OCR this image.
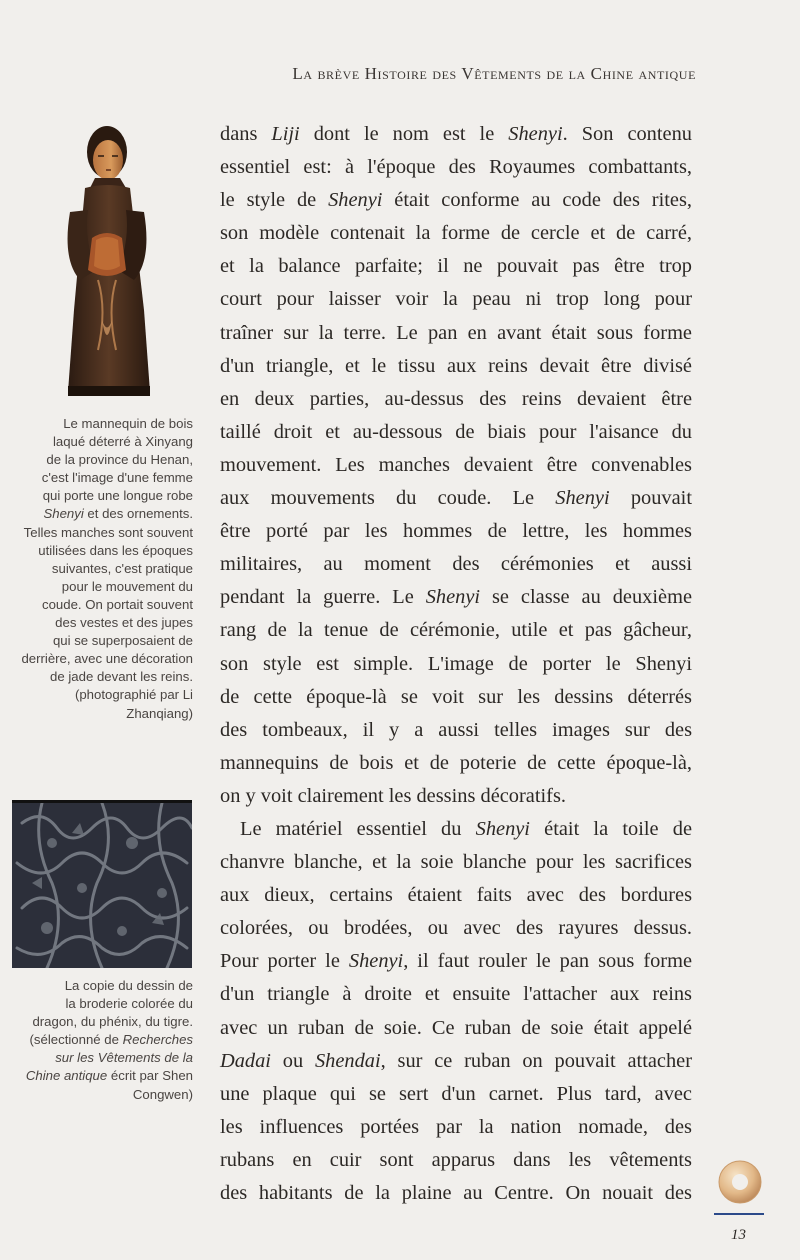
La brève Histoire des Vêtements de la Chine antique

Le mannequin de bois

laqué déterré à Xinyang

de la province du Henan,

c'est l'image d'une femme

qui porte une longue robe

Shenyi et des ornements.

Telles manches sont souvent

utilisées dans les époques

suivantes, c'est pratique

pour le mouvement du

coude. On portait souvent

des vestes et des jupes

qui se superposaient de

derrière, avec une décoration

de jade devant les reins.

(photographié par Li

Zhanqiang)

La copie du dessin de

la broderie colorée du

dragon, du phénix, du tigre.

(sélectionné de Recherches

sur les Vêtements de la

Chine antique écrit par Shen

Congwen)

dans Liji dont le nom est le Shenyi. Son contenu
essentiel est: à l'époque des Royaumes combattants,
le style de Shenyi était conforme au code des rites,
son modèle contenait la forme de cercle et de carré,
et la balance parfaite; il ne pouvait pas être trop
court pour laisser voir la peau ni trop long pour
traîner sur la terre. Le pan en avant était sous forme
d'un triangle, et le tissu aux reins devait être divisé
en deux parties, au-dessus des reins devaient être
taillé droit et au-dessous de biais pour l'aisance du
mouvement. Les manches devaient être convenables
aux mouvements du coude. Le Shenyi pouvait
être porté par les hommes de lettre, les hommes
militaires, au moment des cérémonies et aussi
pendant la guerre. Le Shenyi se classe au deuxième
rang de la tenue de cérémonie, utile et pas gâcheur,
son style est simple. L'image de porter le Shenyi
de cette époque-là se voit sur les dessins déterrés
des tombeaux, il y a aussi telles images sur des
mannequins de bois et de poterie de cette époque-là,
on y voit clairement les dessins décoratifs.
Le matériel essentiel du Shenyi était la toile de
chanvre blanche, et la soie blanche pour les sacrifices
aux dieux, certains étaient faits avec des bordures
colorées, ou brodées, ou avec des rayures dessus.
Pour porter le Shenyi, il faut rouler le pan sous forme
d'un triangle à droite et ensuite l'attacher aux reins
avec un ruban de soie. Ce ruban de soie était appelé
Dadai ou Shendai, sur ce ruban on pouvait attacher
une plaque qui se sert d'un carnet. Plus tard, avec
les influences portées par la nation nomade, des
rubans en cuir sont apparus dans les vêtements
des habitants de la plaine au Centre. On nouait des
13
